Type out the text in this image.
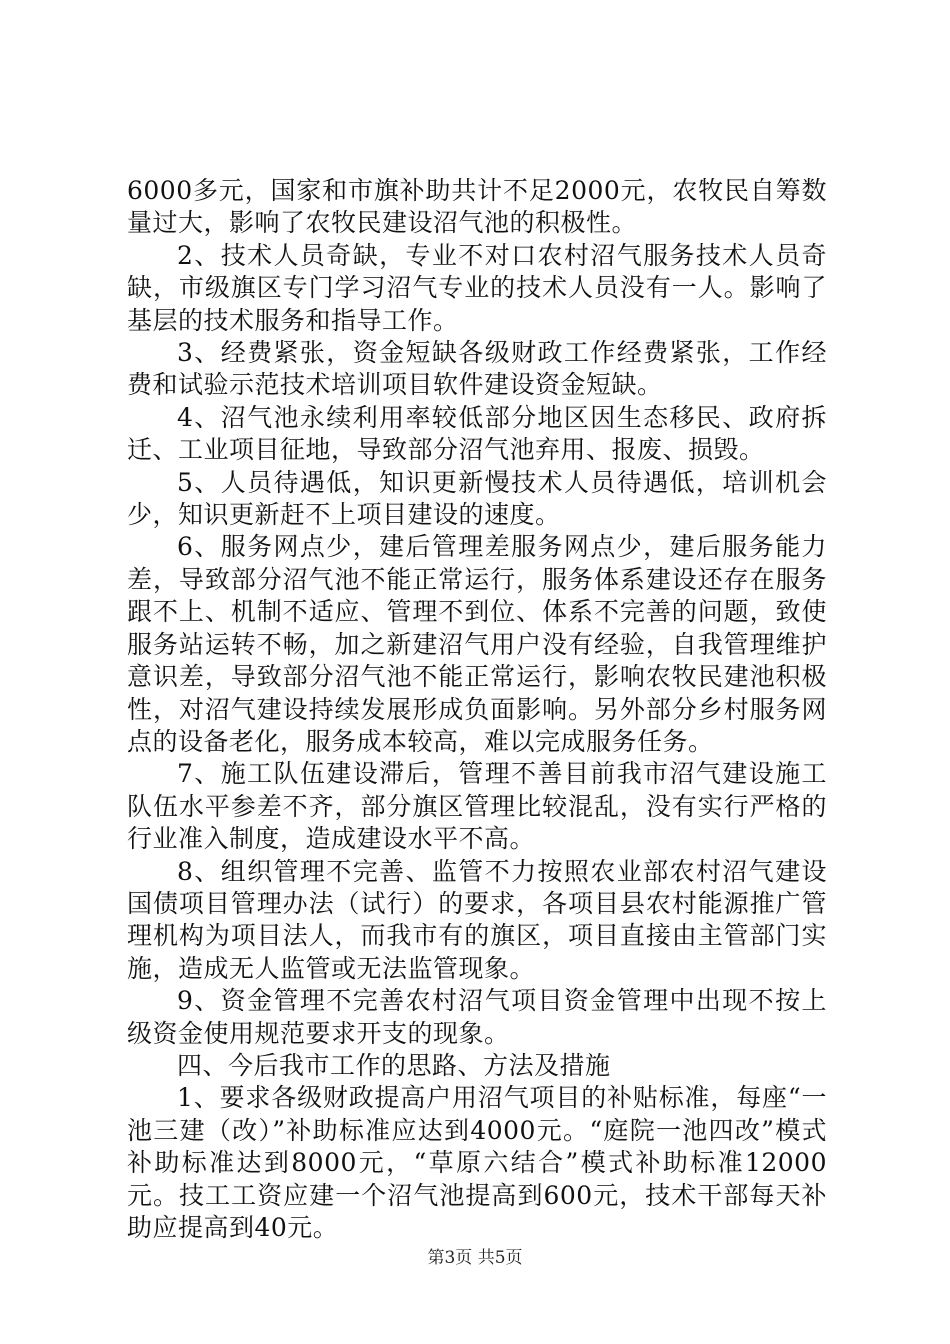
6000多元，国家和市旗补助共计不足2000元，农牧民自筹数量过大，影响了农牧民建设沼气池的积极性。

2、技术人员奇缺，专业不对口农村沼气服务技术人员奇缺，市级旗区专门学习沼气专业的技术人员没有一人。影响了基层的技术服务和指导工作。

3、经费紧张，资金短缺各级财政工作经费紧张，工作经费和试验示范技术培训项目软件建设资金短缺。

4、沼气池永续利用率较低部分地区因生态移民、政府拆迁、工业项目征地，导致部分沼气池弃用、报废、损毁。

5、人员待遇低，知识更新慢技术人员待遇低，培训机会少，知识更新赶不上项目建设的速度。

6、服务网点少，建后管理差服务网点少，建后服务能力差，导致部分沼气池不能正常运行，服务体系建设还存在服务跟不上、机制不适应、管理不到位、体系不完善的问题，致使服务站运转不畅，加之新建沼气用户没有经验，自我管理维护意识差，导致部分沼气池不能正常运行，影响农牧民建池积极性，对沼气建设持续发展形成负面影响。另外部分乡村服务网点的设备老化，服务成本较高，难以完成服务任务。

7、施工队伍建设滞后，管理不善目前我市沼气建设施工队伍水平参差不齐，部分旗区管理比较混乱，没有实行严格的行业准入制度，造成建设水平不高。

8、组织管理不完善、监管不力按照农业部农村沼气建设国债项目管理办法（试行）的要求，各项目县农村能源推广管理机构为项目法人，而我市有的旗区，项目直接由主管部门实施，造成无人监管或无法监管现象。

9、资金管理不完善农村沼气项目资金管理中出现不按上级资金使用规范要求开支的现象。

四、今后我市工作的思路、方法及措施

1、要求各级财政提高户用沼气项目的补贴标准，每座“一池三建（改）”补助标准应达到4000元。“庭院一池四改”模式补助标准达到8000元，“草原六结合”模式补助标准12000元。技工工资应建一个沼气池提高到600元，技术干部每天补助应提高到40元。

第3页 共5页
